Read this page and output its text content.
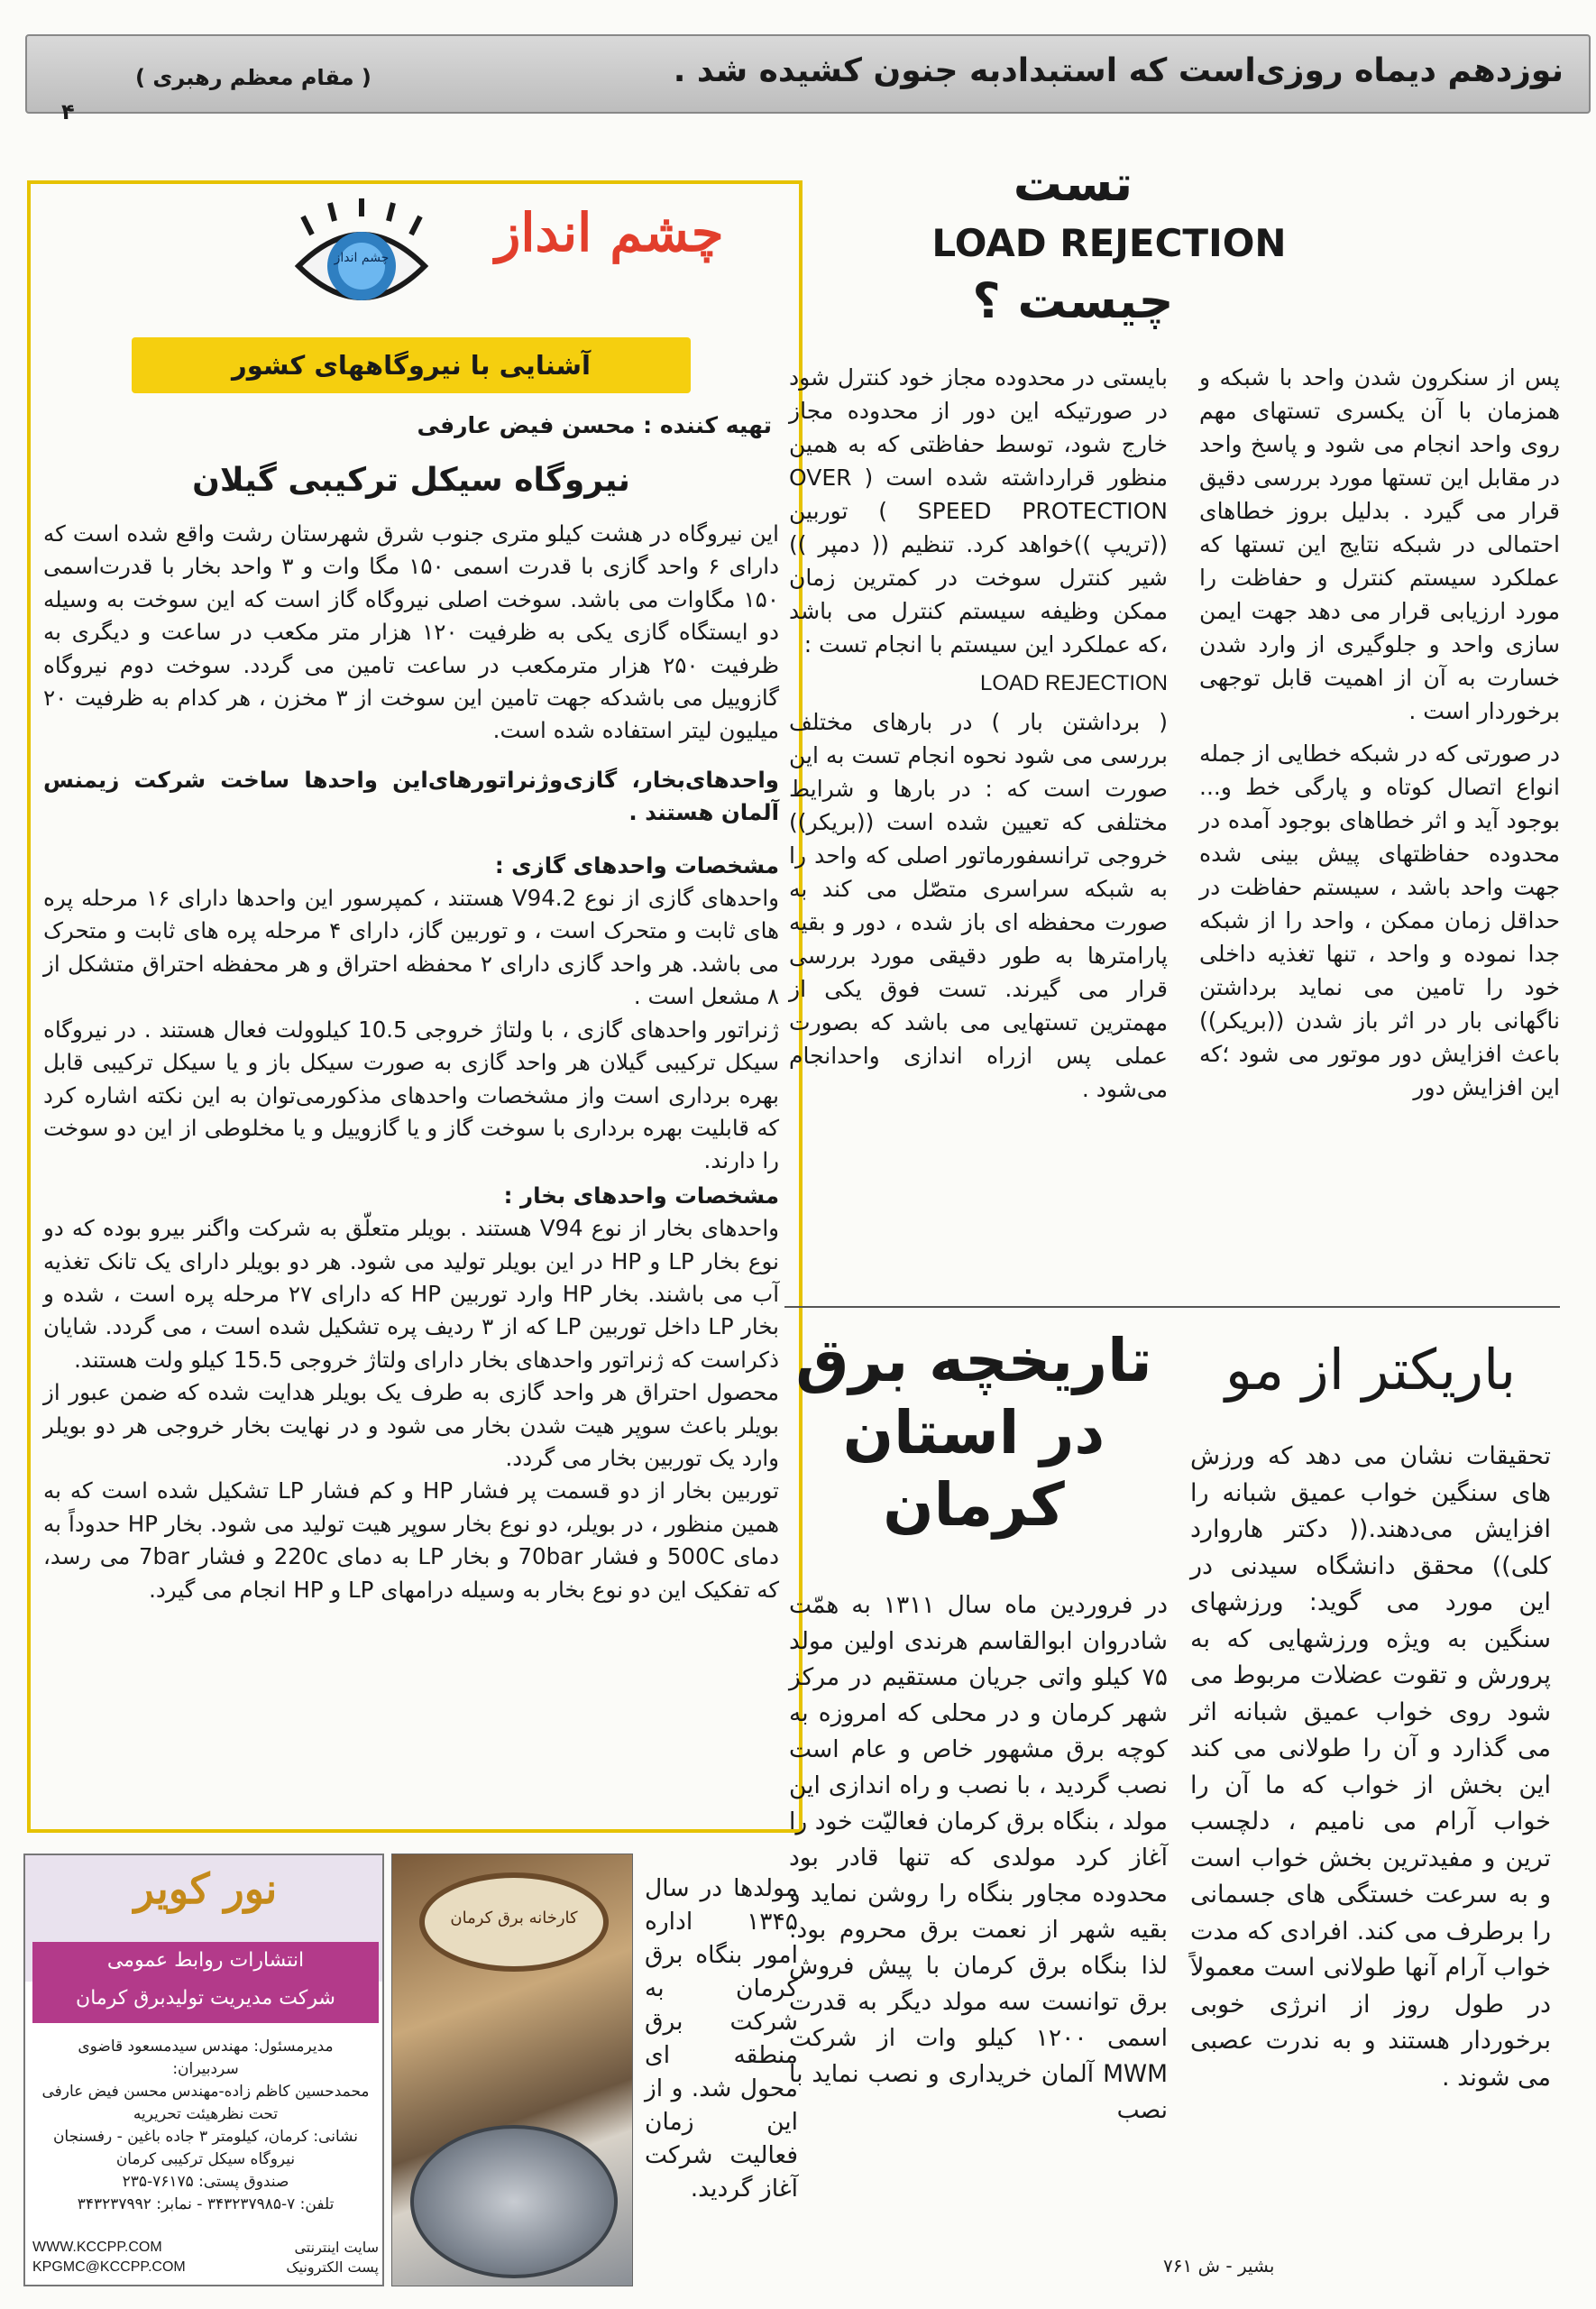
نوزدهم دیماه روزی‌است که استبدادبه جنون کشیده شد .
( مقام معظم رهبری )
۴
چشم انداز
چشم انداز
آشنایی با نیروگاههای کشور
تهیه کننده : محسن فیض عارفی
نیروگاه سیکل ترکیبی گیلان

این نیروگاه در هشت کیلو متری جنوب شرق شهرستان رشت واقع شده است که دارای ۶ واحد گازی با قدرت اسمی ۱۵۰ مگا وات و ۳ واحد بخار با قدرت‌اسمی ۱۵۰ مگاوات می باشد. سوخت اصلی نیروگاه گاز است که این سوخت به وسیله دو ایستگاه گازی یکی به ظرفیت ۱۲۰ هزار متر مکعب در ساعت و دیگری به ظرفیت ۲۵۰ هزار مترمکعب در ساعت تامین می گردد. سوخت دوم نیروگاه گازوییل می باشدکه جهت تامین این سوخت از ۳ مخزن ، هر کدام به ظرفیت ۲۰ میلیون لیتر استفاده شده است.

واحدهای‌بخار، گازی‌وژنراتورهای‌این واحدها ساخت شرکت زیمنس آلمان هستند .

مشخصات واحدهای گازی :

واحدهای گازی از نوع V94.2 هستند ، کمپرسور این واحدها دارای ۱۶ مرحله پره های ثابت و متحرک است ، و توربین گاز، دارای ۴ مرحله پره های ثابت و متحرک می باشد. هر واحد گازی دارای ۲ محفظه احتراق و هر محفظه احتراق متشکل از ۸ مشعل است .

ژنراتور واحدهای گازی ، با ولتاژ خروجی 10.5 کیلوولت فعال هستند . در نیروگاه سیکل ترکیبی گیلان هر واحد گازی به صورت سیکل باز و یا سیکل ترکیبی قابل بهره برداری است واز مشخصات واحدهای مذکورمی‌توان به این نکته اشاره کرد که قابلیت بهره برداری با سوخت گاز و یا گازوییل و یا مخلوطی از این دو سوخت را دارند.

مشخصات واحدهای بخار :

واحدهای بخار از نوع V94 هستند . بویلر متعلّق به شرکت واگنر بیرو بوده که دو نوع بخار LP و HP در این بویلر تولید می شود. هر دو بویلر دارای یک تانک تغذیه آب می باشند. بخار HP وارد توربین HP که دارای ۲۷ مرحله پره است ، شده و بخار LP داخل توربین LP که از ۳ ردیف پره تشکیل شده است ، می گردد. شایان ذکراست که ژنراتور واحدهای بخار دارای ولتاژ خروجی 15.5 کیلو ولت هستند.

محصول احتراق هر واحد گازی به طرف یک بویلر هدایت شده که ضمن عبور از بویلر باعث سوپر هیت شدن بخار می شود و در نهایت بخار خروجی هر دو بویلر وارد یک توربین بخار می گردد.

توربین بخار از دو قسمت پر فشار HP و کم فشار LP تشکیل شده است که به همین منظور ، در بویلر، دو نوع بخار سوپر هیت تولید می شود. بخار HP حدوداً به دمای 500C و فشار 70bar و بخار LP به دمای 220c و فشار 7bar می رسد، که تفکیک این دو نوع بخار به وسیله درامهای LP و HP انجام می گیرد.

تست
LOAD REJECTION
چیست ؟

پس از سنکرون شدن واحد با شبکه و همزمان با آن یکسری تستهای مهم روی واحد انجام می شود و پاسخ واحد در مقابل این تستها مورد بررسی دقیق قرار می گیرد . بدلیل بروز خطاهای احتمالی در شبکه نتایج این تستها که عملکرد سیستم کنترل و حفاظت را مورد ارزیابی قرار می دهد جهت ایمن سازی واحد و جلوگیری از وارد شدن خسارت به آن از اهمیت قابل توجهی برخوردار است .

در صورتی که در شبکه خطایی از جمله انواع اتصال کوتاه و پارگی خط و... بوجود آید و اثر خطاهای بوجود آمده در محدوده حفاظتهای پیش بینی شده جهت واحد باشد ، سیستم حفاظت در حداقل زمان ممکن ، واحد را از شبکه جدا نموده و واحد ، تنها تغذیه داخلی خود را تامین می نماید برداشتن ناگهانی بار در اثر باز شدن ((بریکر)) باعث افزایش دور موتور می شود ؛که این افزایش دور

بایستی در محدوده مجاز خود کنترل شود در صورتیکه این دور از محدوده مجاز خارج شود، توسط حفاظتی که به همین منظور قرارداشته شده است ( OVER SPEED PROTECTION ) توربین ((تریپ ))خواهد کرد. تنظیم (( دمپر )) شیر کنترل سوخت در کمترین زمان ممکن وظیفه سیستم کنترل می باشد ،که عملکرد این سیستم با انجام تست :

LOAD REJECTION

( برداشتن بار ) در بارهای مختلف بررسی می شود نحوه انجام تست به این صورت است که : در بارها و شرایط مختلفی که تعیین شده است ((بریکر)) خروجی ترانسفورماتور اصلی که واحد را به شبکه سراسری متصّل می کند به صورت محفظه ای باز شده ، دور و بقیه پارامترها به طور دقیقی مورد بررسی قرار می گیرند. تست فوق یکی از مهمترین تستهایی می باشد که بصورت عملی پس ازراه اندازی واحدانجام می‌شود .

باریکتر از مو

تحقیقات نشان می دهد که ورزش های سنگین خواب عمیق شبانه را افزایش می‌دهند.(( دکتر هاروارد کلی)) محقق دانشگاه سیدنی در این مورد می گوید: ورزشهای سنگین به ویژه ورزشهایی که به پرورش و تقوت عضلات مربوط می شود روی خواب عمیق شبانه اثر می گذارد و آن را طولانی می کند این بخش از خواب که ما آن را خواب آرام می نامیم ، دلچسب ترین و مفیدترین بخش خواب است و به سرعت خستگی های جسمانی را برطرف می کند. افرادی که مدت خواب آرام آنها طولانی است معمولاً در طول روز از انرژی خوبی برخوردار هستند و به ندرت عصبی می شوند .

بشیر - ش ۷۶۱
تاریخچه برق
در استان
کرمان

در فروردین ماه سال ۱۳۱۱ به همّت شادروان ابوالقاسم هرندی اولین مولد ۷۵ کیلو واتی جریان مستقیم در مرکز شهر کرمان و در محلی که امروزه به کوچه برق مشهور خاص و عام است نصب گردید ، با نصب و راه اندازی این مولد ، بنگاه برق کرمان فعالیّت خود را آغاز کرد مولدی که تنها قادر بود محدوده مجاور بنگاه را روشن نماید و بقیه شهر از نعمت برق محروم بود. لذا بنگاه برق کرمان با پیش فروش برق توانست سه مولد دیگر به قدرت اسمی ۱۲۰۰ کیلو وات از شرکت MWM آلمان خریداری و نصب نماید با نصب

مولدها در سال ۱۳۴۵ اداره امور بنگاه برق کرمان به شرکت برق منطقه ای محول شد. و از این زمان فعالیت شرکت آغاز گردید.

کارخانه برق کرمان
نور کویر
انتشارات روابط عمومی
شرکت مدیریت تولیدبرق کرمان
مدیرمسئول: مهندس سیدمسعود قاضوی
سردبیران:
محمدحسین کاظم زاده-مهندس محسن فیض عارفی
تحت نظرهیئت تحریریه
نشانی: کرمان، کیلومتر ۳ جاده باغین - رفسنجان
نیروگاه سیکل ترکیبی کرمان
صندوق پستی: ۷۶۱۷۵-۲۳۵
تلفن: ۷-۳۴۳۲۳۷۹۸۵ - نمابر: ۳۴۳۲۳۷۹۹۲
سایت اینترنتی
WWW.KCCPP.COM
پست الکترونیک
KPGMC@KCCPP.COM
